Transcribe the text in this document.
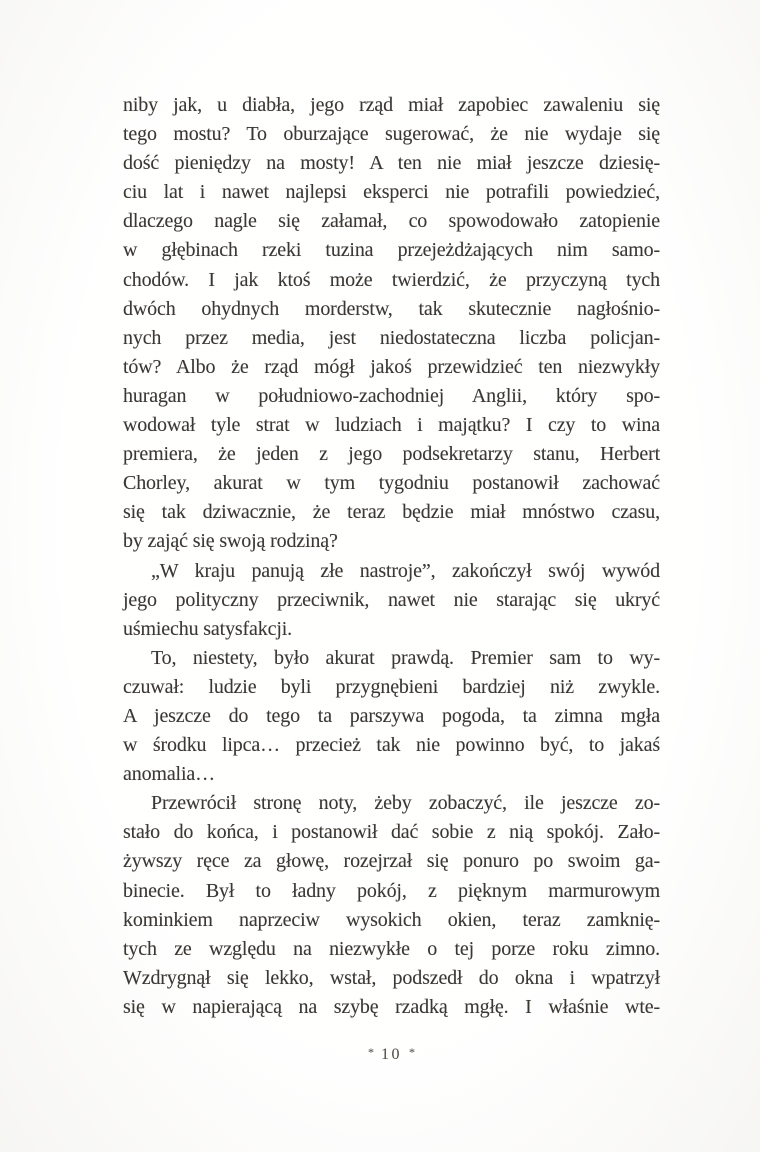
niby jak, u diabła, jego rząd miał zapobiec zawaleniu się
tego mostu? To oburzające sugerować, że nie wydaje się
dość pieniędzy na mosty! A ten nie miał jeszcze dziesię-
ciu lat i nawet najlepsi eksperci nie potrafili powiedzieć,
dlaczego nagle się załamał, co spowodowało zatopienie
w głębinach rzeki tuzina przejeżdżających nim samo-
chodów. I jak ktoś może twierdzić, że przyczyną tych
dwóch ohydnych morderstw, tak skutecznie nagłośnio-
nych przez media, jest niedostateczna liczba policjan-
tów? Albo że rząd mógł jakoś przewidzieć ten niezwykły
huragan w południowo-zachodniej Anglii, który spo-
wodował tyle strat w ludziach i majątku? I czy to wina
premiera, że jeden z jego podsekretarzy stanu, Herbert
Chorley, akurat w tym tygodniu postanowił zachować
się tak dziwacznie, że teraz będzie miał mnóstwo czasu,
by zająć się swoją rodziną?
„W kraju panują złe nastroje”, zakończył swój wywód
jego polityczny przeciwnik, nawet nie starając się ukryć
uśmiechu satysfakcji.
To, niestety, było akurat prawdą. Premier sam to wy-
czuwał: ludzie byli przygnębieni bardziej niż zwykle.
A jeszcze do tego ta parszywa pogoda, ta zimna mgła
w środku lipca… przecież tak nie powinno być, to jakaś
anomalia…
Przewrócił stronę noty, żeby zobaczyć, ile jeszcze zo-
stało do końca, i postanowił dać sobie z nią spokój. Zało-
żywszy ręce za głowę, rozejrzał się ponuro po swoim ga-
binecie. Był to ładny pokój, z pięknym marmurowym
kominkiem naprzeciw wysokich okien, teraz zamknię-
tych ze względu na niezwykłe o tej porze roku zimno.
Wzdrygnął się lekko, wstał, podszedł do okna i wpatrzył
się w napierającą na szybę rzadką mgłę. I właśnie wte-
* 10 *
